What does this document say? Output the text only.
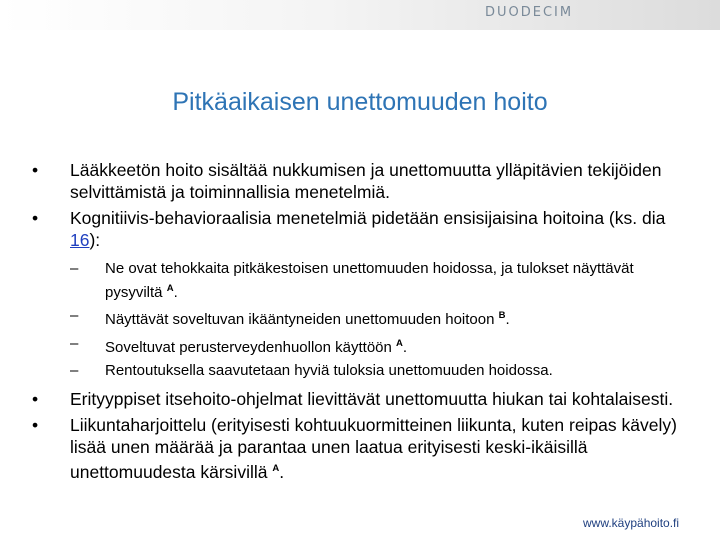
DUODECIM
Pitkäaikaisen unettomuuden hoito
• Lääkkeetön hoito sisältää nukkumisen ja unettomuutta ylläpitävien tekijöiden selvittämistä ja toiminnallisia menetelmiä.
• Kognitiivis-behavioraalisia menetelmiä pidetään ensisijaisina hoitoina (ks. dia 16):
– Ne ovat tehokkaita pitkäkestoisen unettomuuden hoidossa, ja tulokset näyttävät pysyviltä $^A$.
– Näyttävät soveltuvan ikääntyneiden unettomuuden hoitoon $^B$.
– Soveltuvat perusterveydenhuollon käyttöön $^A$.
– Rentoutuksella saavutetaan hyviä tuloksia unettomuuden hoidossa.
• Erityyppiset itsehoito-ohjelmat lievittävät unettomuutta hiukan tai kohtalaisesti.
• Liikuntaharjoittelu (erityisesti kohtuukuormitteinen liikunta, kuten reipas kävely) lisää unen määrää ja parantaa unen laatua erityisesti keski-ikäisillä unettomuudesta kärsivillä $^A$.
www.käypähoito.fi
